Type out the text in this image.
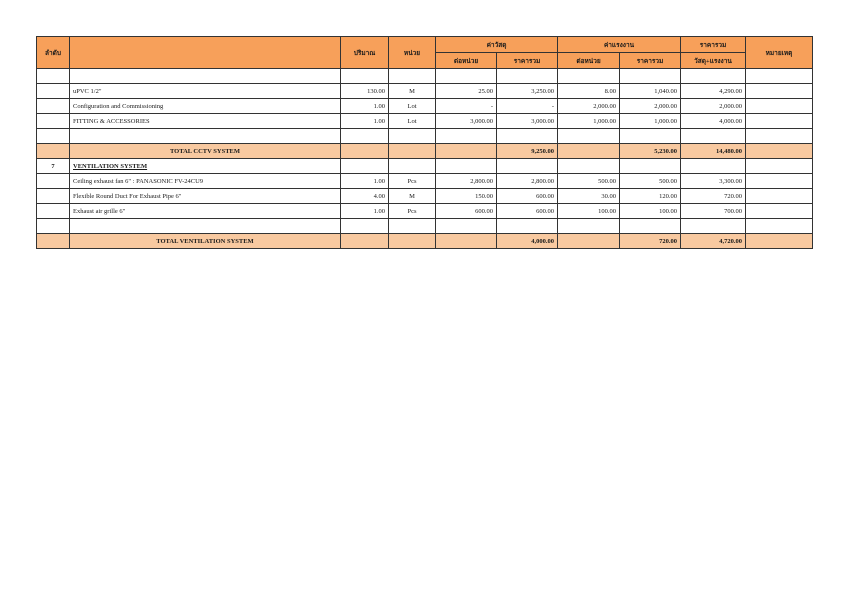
ลำดับ		ปริมาณ	หน่วย	ค่าวัสดุ		ค่าแรงงาน		ราคารวม	หมายเหตุ
				ต่อหน่วย	ราคารวม	ต่อหน่วย	ราคารวม	วัสดุ+แรงงาน	

	uPVC 1/2"	130.00	M	25.00	3,250.00	8.00	1,040.00	4,290.00	
	Configuration and Commissioning	1.00	Lot	-	-	2,000.00	2,000.00	2,000.00	
	FITTING & ACCESSORIES	1.00	Lot	3,000.00	3,000.00	1,000.00	1,000.00	4,000.00	

	TOTAL CCTV SYSTEM				9,250.00		5,230.00	14,480.00	
7	VENTILATION SYSTEM								
	Ceiling exhaust fan 6" : PANASONIC FV-24CU9	1.00	Pcs	2,800.00	2,800.00	500.00	500.00	3,300.00	
	Flexible Round Duct For Exhaust Pipe 6"	4.00	M	150.00	600.00	30.00	120.00	720.00	
	Exhaust air grille 6"	1.00	Pcs	600.00	600.00	100.00	100.00	700.00	

	TOTAL VENTILATION SYSTEM				4,000.00		720.00	4,720.00	
